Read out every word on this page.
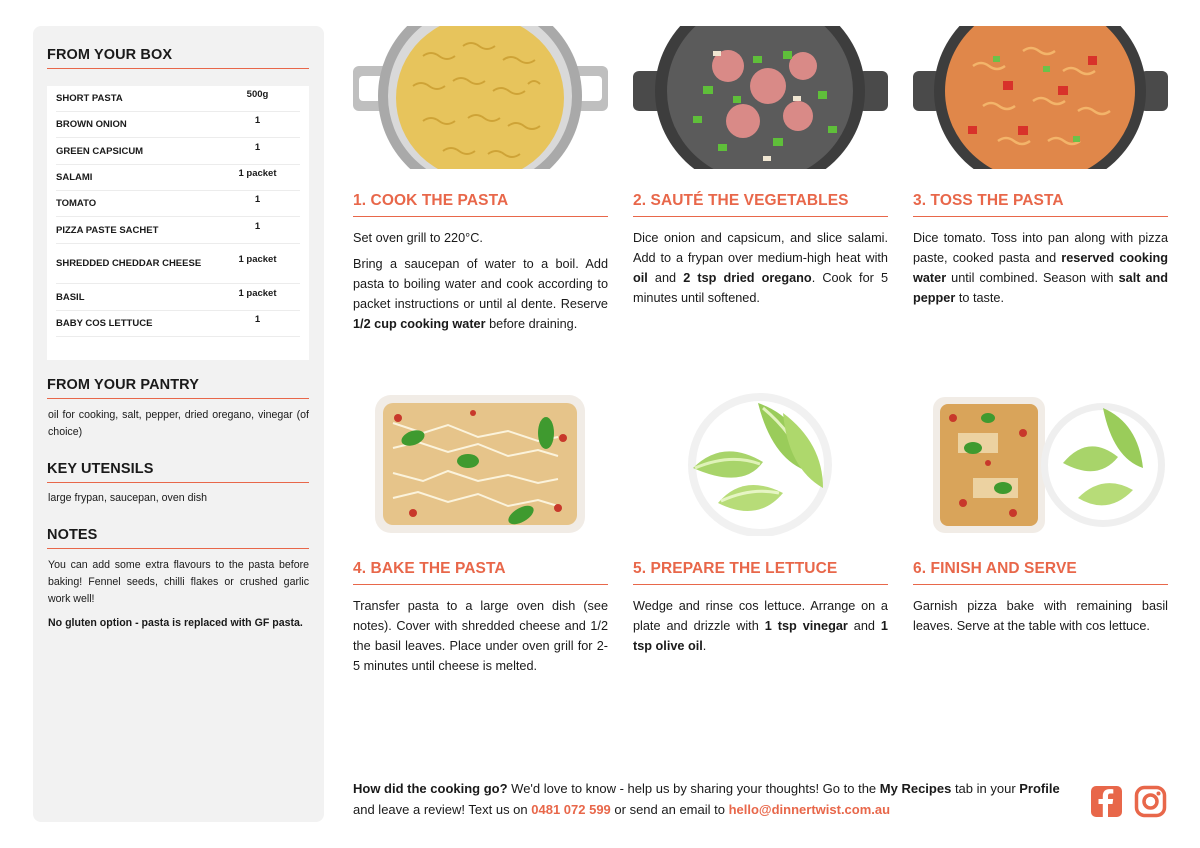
FROM YOUR BOX
SHORT PASTA	500g
BROWN ONION	1
GREEN CAPSICUM	1
SALAMI	1 packet
TOMATO	1
PIZZA PASTE SACHET	1
SHREDDED CHEDDAR CHEESE	1 packet
BASIL	1 packet
BABY COS LETTUCE	1
FROM YOUR PANTRY
oil for cooking, salt, pepper, dried oregano, vinegar (of choice)
KEY UTENSILS
large frypan, saucepan, oven dish
NOTES
You can add some extra flavours to the pasta before baking! Fennel seeds, chilli flakes or crushed garlic work well!
No gluten option - pasta is replaced with GF pasta.
1. COOK THE PASTA

Set oven grill to 220°C.

Bring a saucepan of water to a boil. Add pasta to boiling water and cook according to packet instructions or until al dente. Reserve 1/2 cup cooking water before draining.

2. SAUTÉ THE VEGETABLES

Dice onion and capsicum, and slice salami. Add to a frypan over medium-high heat with oil and 2 tsp dried oregano. Cook for 5 minutes until softened.

3. TOSS THE PASTA

Dice tomato. Toss into pan along with pizza paste, cooked pasta and reserved cooking water until combined. Season with salt and pepper to taste.

4. BAKE THE PASTA

Transfer pasta to a large oven dish (see notes). Cover with shredded cheese and 1/2 the basil leaves. Place under oven grill for 2-5 minutes until cheese is melted.

5. PREPARE THE LETTUCE

Wedge and rinse cos lettuce. Arrange on a plate and drizzle with 1 tsp vinegar and 1 tsp olive oil.

6. FINISH AND SERVE

Garnish pizza bake with remaining basil leaves. Serve at the table with cos lettuce.

How did the cooking go? We'd love to know - help us by sharing your thoughts! Go to the My Recipes tab in your Profile and leave a review! Text us on 0481 072 599 or send an email to hello@dinnertwist.com.au
